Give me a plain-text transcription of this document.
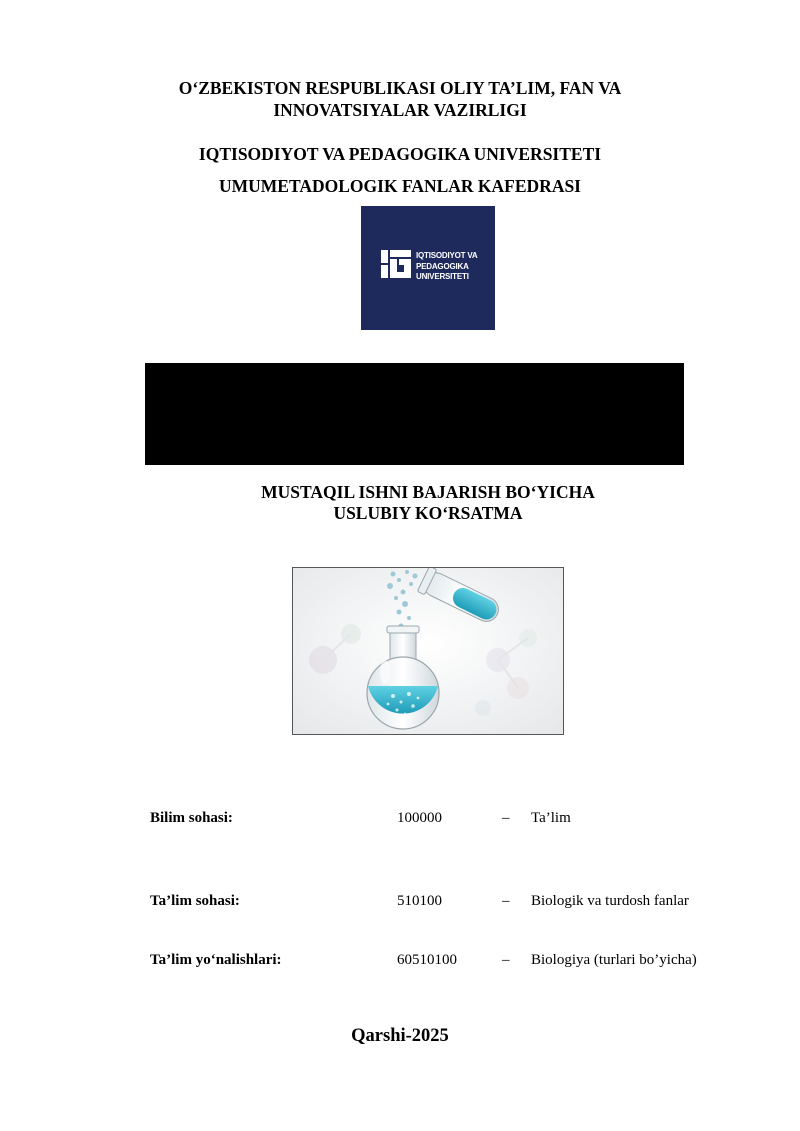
O‘ZBEKISTON RESPUBLIKASI OLIY TA’LIM, FAN VA
INNOVATSIYALAR VAZIRLIGI
IQTISODIYOT VA PEDAGOGIKA UNIVERSITETI
UMUMETADOLOGIK FANLAR KAFEDRASI
IQTISODIYOT VA
PEDAGOGIKA
UNIVERSITETI
MUSTAQIL ISHNI BAJARISH BO‘YICHA
USLUBIY KO‘RSATMA
Bilim sohasi:	100000	– Ta’lim
Ta’lim sohasi:	510100	– Biologik va turdosh fanlar
Ta’lim yo‘nalishlari:	60510100	– Biologiya (turlari bo’yicha)
Qarshi-2025
